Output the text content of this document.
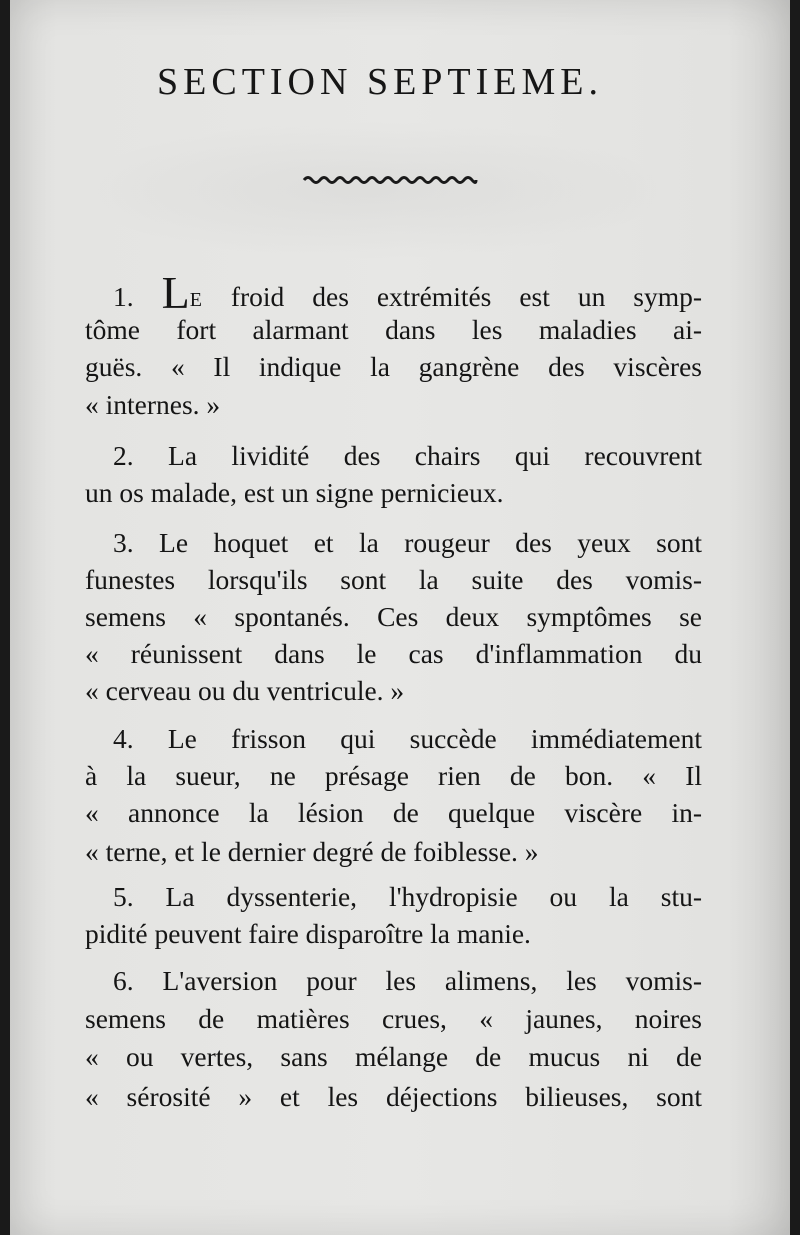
SECTION SEPTIEME.
1. LE froid des extrémités est un symp-
tôme fort alarmant dans les maladies ai-
guës. « Il indique la gangrène des viscères
« internes. »
2. La lividité des chairs qui recouvrent
un os malade, est un signe pernicieux.
3. Le hoquet et la rougeur des yeux sont
funestes lorsqu'ils sont la suite des vomis-
semens « spontanés. Ces deux symptômes se
« réunissent dans le cas d'inflammation du
« cerveau ou du ventricule. »
4. Le frisson qui succède immédiatement
à la sueur, ne présage rien de bon. « Il
« annonce la lésion de quelque viscère in-
« terne, et le dernier degré de foiblesse. »
5. La dyssenterie, l'hydropisie ou la stu-
pidité peuvent faire disparoître la manie.
6. L'aversion pour les alimens, les vomis-
semens de matières crues, « jaunes, noires
« ou vertes, sans mélange de mucus ni de
« sérosité » et les déjections bilieuses, sont
